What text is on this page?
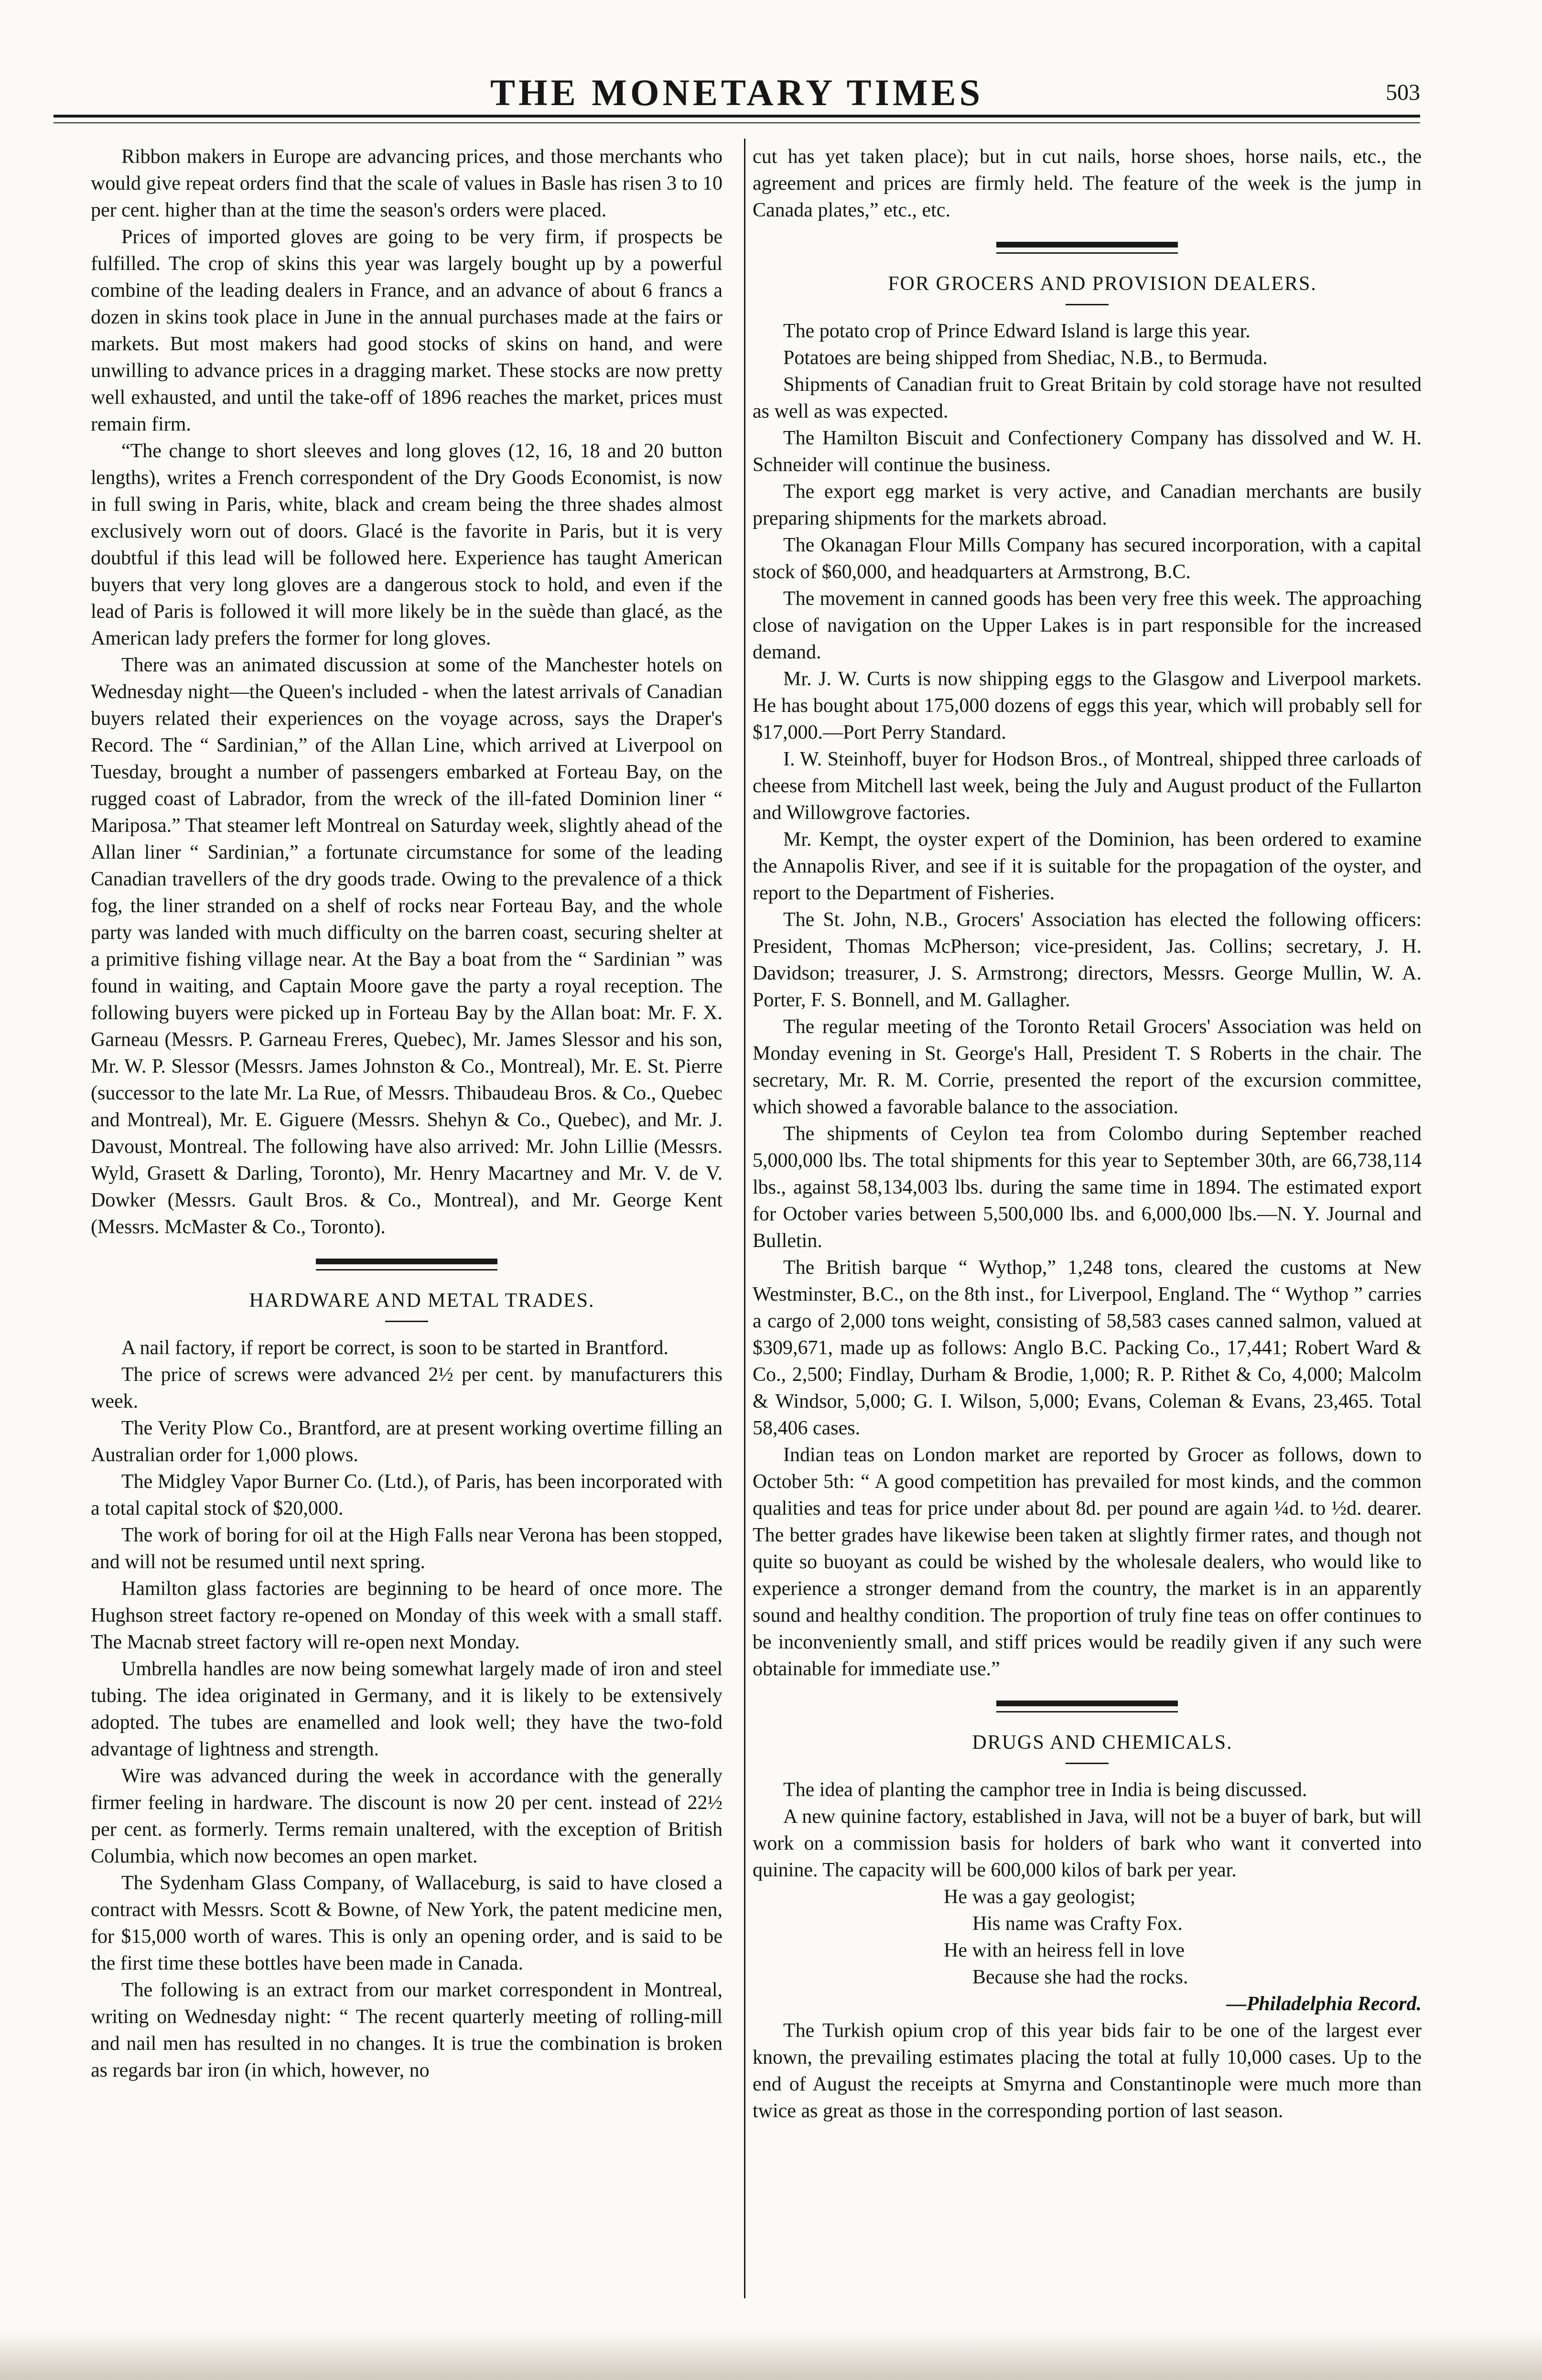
THE MONETARY TIMES	503

Ribbon makers in Europe are advancing prices, and those merchants who would give repeat orders find that the scale of values in Basle has risen 3 to 10 per cent. higher than at the time the season's orders were placed.

Prices of imported gloves are going to be very firm, if prospects be fulfilled. The crop of skins this year was largely bought up by a powerful combine of the leading dealers in France, and an advance of about 6 francs a dozen in skins took place in June in the annual purchases made at the fairs or markets. But most makers had good stocks of skins on hand, and were unwilling to advance prices in a dragging market. These stocks are now pretty well exhausted, and until the take-off of 1896 reaches the market, prices must remain firm.

“The change to short sleeves and long gloves (12, 16, 18 and 20 button lengths), writes a French correspondent of the Dry Goods Economist, is now in full swing in Paris, white, black and cream being the three shades almost exclusively worn out of doors. Glacé is the favorite in Paris, but it is very doubtful if this lead will be followed here. Experience has taught American buyers that very long gloves are a dangerous stock to hold, and even if the lead of Paris is followed it will more likely be in the suède than glacé, as the American lady prefers the former for long gloves.

There was an animated discussion at some of the Manchester hotels on Wednesday night—the Queen's included - when the latest arrivals of Canadian buyers related their experiences on the voyage across, says the Draper's Record. The “ Sardinian,” of the Allan Line, which arrived at Liverpool on Tuesday, brought a number of passengers embarked at Forteau Bay, on the rugged coast of Labrador, from the wreck of the ill-fated Dominion liner “ Mariposa.” That steamer left Montreal on Saturday week, slightly ahead of the Allan liner “ Sardinian,” a fortunate circumstance for some of the leading Canadian travellers of the dry goods trade. Owing to the prevalence of a thick fog, the liner stranded on a shelf of rocks near Forteau Bay, and the whole party was landed with much difficulty on the barren coast, securing shelter at a primitive fishing village near. At the Bay a boat from the “ Sardinian ” was found in waiting, and Captain Moore gave the party a royal reception. The following buyers were picked up in Forteau Bay by the Allan boat: Mr. F. X. Garneau (Messrs. P. Garneau Freres, Quebec), Mr. James Slessor and his son, Mr. W. P. Slessor (Messrs. James Johnston & Co., Montreal), Mr. E. St. Pierre (successor to the late Mr. La Rue, of Messrs. Thibaudeau Bros. & Co., Quebec and Montreal), Mr. E. Giguere (Messrs. Shehyn & Co., Quebec), and Mr. J. Davoust, Montreal. The following have also arrived: Mr. John Lillie (Messrs. Wyld, Grasett & Darling, Toronto), Mr. Henry Macartney and Mr. V. de V. Dowker (Messrs. Gault Bros. & Co., Montreal), and Mr. George Kent (Messrs. McMaster & Co., Toronto).

HARDWARE AND METAL TRADES.

A nail factory, if report be correct, is soon to be started in Brantford.

The price of screws were advanced 2½ per cent. by manufacturers this week.

The Verity Plow Co., Brantford, are at present working overtime filling an Australian order for 1,000 plows.

The Midgley Vapor Burner Co. (Ltd.), of Paris, has been incorporated with a total capital stock of $20,000.

The work of boring for oil at the High Falls near Verona has been stopped, and will not be resumed until next spring.

Hamilton glass factories are beginning to be heard of once more. The Hughson street factory re-opened on Monday of this week with a small staff. The Macnab street factory will re-open next Monday.

Umbrella handles are now being somewhat largely made of iron and steel tubing. The idea originated in Germany, and it is likely to be extensively adopted. The tubes are enamelled and look well; they have the two-fold advantage of lightness and strength.

Wire was advanced during the week in accordance with the generally firmer feeling in hardware. The discount is now 20 per cent. instead of 22½ per cent. as formerly. Terms remain unaltered, with the exception of British Columbia, which now becomes an open market.

The Sydenham Glass Company, of Wallaceburg, is said to have closed a contract with Messrs. Scott & Bowne, of New York, the patent medicine men, for $15,000 worth of wares. This is only an opening order, and is said to be the first time these bottles have been made in Canada.

The following is an extract from our market correspondent in Montreal, writing on Wednesday night: “ The recent quarterly meeting of rolling-mill and nail men has resulted in no changes. It is true the combination is broken as regards bar iron (in which, however, no

cut has yet taken place); but in cut nails, horse shoes, horse nails, etc., the agreement and prices are firmly held. The feature of the week is the jump in Canada plates,” etc., etc.

FOR GROCERS AND PROVISION DEALERS.

The potato crop of Prince Edward Island is large this year.

Potatoes are being shipped from Shediac, N.B., to Bermuda.

Shipments of Canadian fruit to Great Britain by cold storage have not resulted as well as was expected.

The Hamilton Biscuit and Confectionery Company has dissolved and W. H. Schneider will continue the business.

The export egg market is very active, and Canadian merchants are busily preparing shipments for the markets abroad.

The Okanagan Flour Mills Company has secured incorporation, with a capital stock of $60,000, and headquarters at Armstrong, B.C.

The movement in canned goods has been very free this week. The approaching close of navigation on the Upper Lakes is in part responsible for the increased demand.

Mr. J. W. Curts is now shipping eggs to the Glasgow and Liverpool markets. He has bought about 175,000 dozens of eggs this year, which will probably sell for $17,000.—Port Perry Standard.

I. W. Steinhoff, buyer for Hodson Bros., of Montreal, shipped three carloads of cheese from Mitchell last week, being the July and August product of the Fullarton and Willowgrove factories.

Mr. Kempt, the oyster expert of the Dominion, has been ordered to examine the Annapolis River, and see if it is suitable for the propagation of the oyster, and report to the Department of Fisheries.

The St. John, N.B., Grocers' Association has elected the following officers: President, Thomas McPherson; vice-president, Jas. Collins; secretary, J. H. Davidson; treasurer, J. S. Armstrong; directors, Messrs. George Mullin, W. A. Porter, F. S. Bonnell, and M. Gallagher.

The regular meeting of the Toronto Retail Grocers' Association was held on Monday evening in St. George's Hall, President T. S Roberts in the chair. The secretary, Mr. R. M. Corrie, presented the report of the excursion committee, which showed a favorable balance to the association.

The shipments of Ceylon tea from Colombo during September reached 5,000,000 lbs. The total shipments for this year to September 30th, are 66,738,114 lbs., against 58,134,003 lbs. during the same time in 1894. The estimated export for October varies between 5,500,000 lbs. and 6,000,000 lbs.—N. Y. Journal and Bulletin.

The British barque “ Wythop,” 1,248 tons, cleared the customs at New Westminster, B.C., on the 8th inst., for Liverpool, England. The “ Wythop ” carries a cargo of 2,000 tons weight, consisting of 58,583 cases canned salmon, valued at $309,671, made up as follows: Anglo B.C. Packing Co., 17,441; Robert Ward & Co., 2,500; Findlay, Durham & Brodie, 1,000; R. P. Rithet & Co, 4,000; Malcolm & Windsor, 5,000; G. I. Wilson, 5,000; Evans, Coleman & Evans, 23,465. Total 58,406 cases.

Indian teas on London market are reported by Grocer as follows, down to October 5th: “ A good competition has prevailed for most kinds, and the common qualities and teas for price under about 8d. per pound are again ¼d. to ½d. dearer. The better grades have likewise been taken at slightly firmer rates, and though not quite so buoyant as could be wished by the wholesale dealers, who would like to experience a stronger demand from the country, the market is in an apparently sound and healthy condition. The proportion of truly fine teas on offer continues to be inconveniently small, and stiff prices would be readily given if any such were obtainable for immediate use.”

DRUGS AND CHEMICALS.

The idea of planting the camphor tree in India is being discussed.

A new quinine factory, established in Java, will not be a buyer of bark, but will work on a commission basis for holders of bark who want it converted into quinine. The capacity will be 600,000 kilos of bark per year.

He was a gay geologist;
His name was Crafty Fox.
He with an heiress fell in love
Because she had the rocks.

—Philadelphia Record.

The Turkish opium crop of this year bids fair to be one of the largest ever known, the prevailing estimates placing the total at fully 10,000 cases. Up to the end of August the receipts at Smyrna and Constantinople were much more than twice as great as those in the corresponding portion of last season.
